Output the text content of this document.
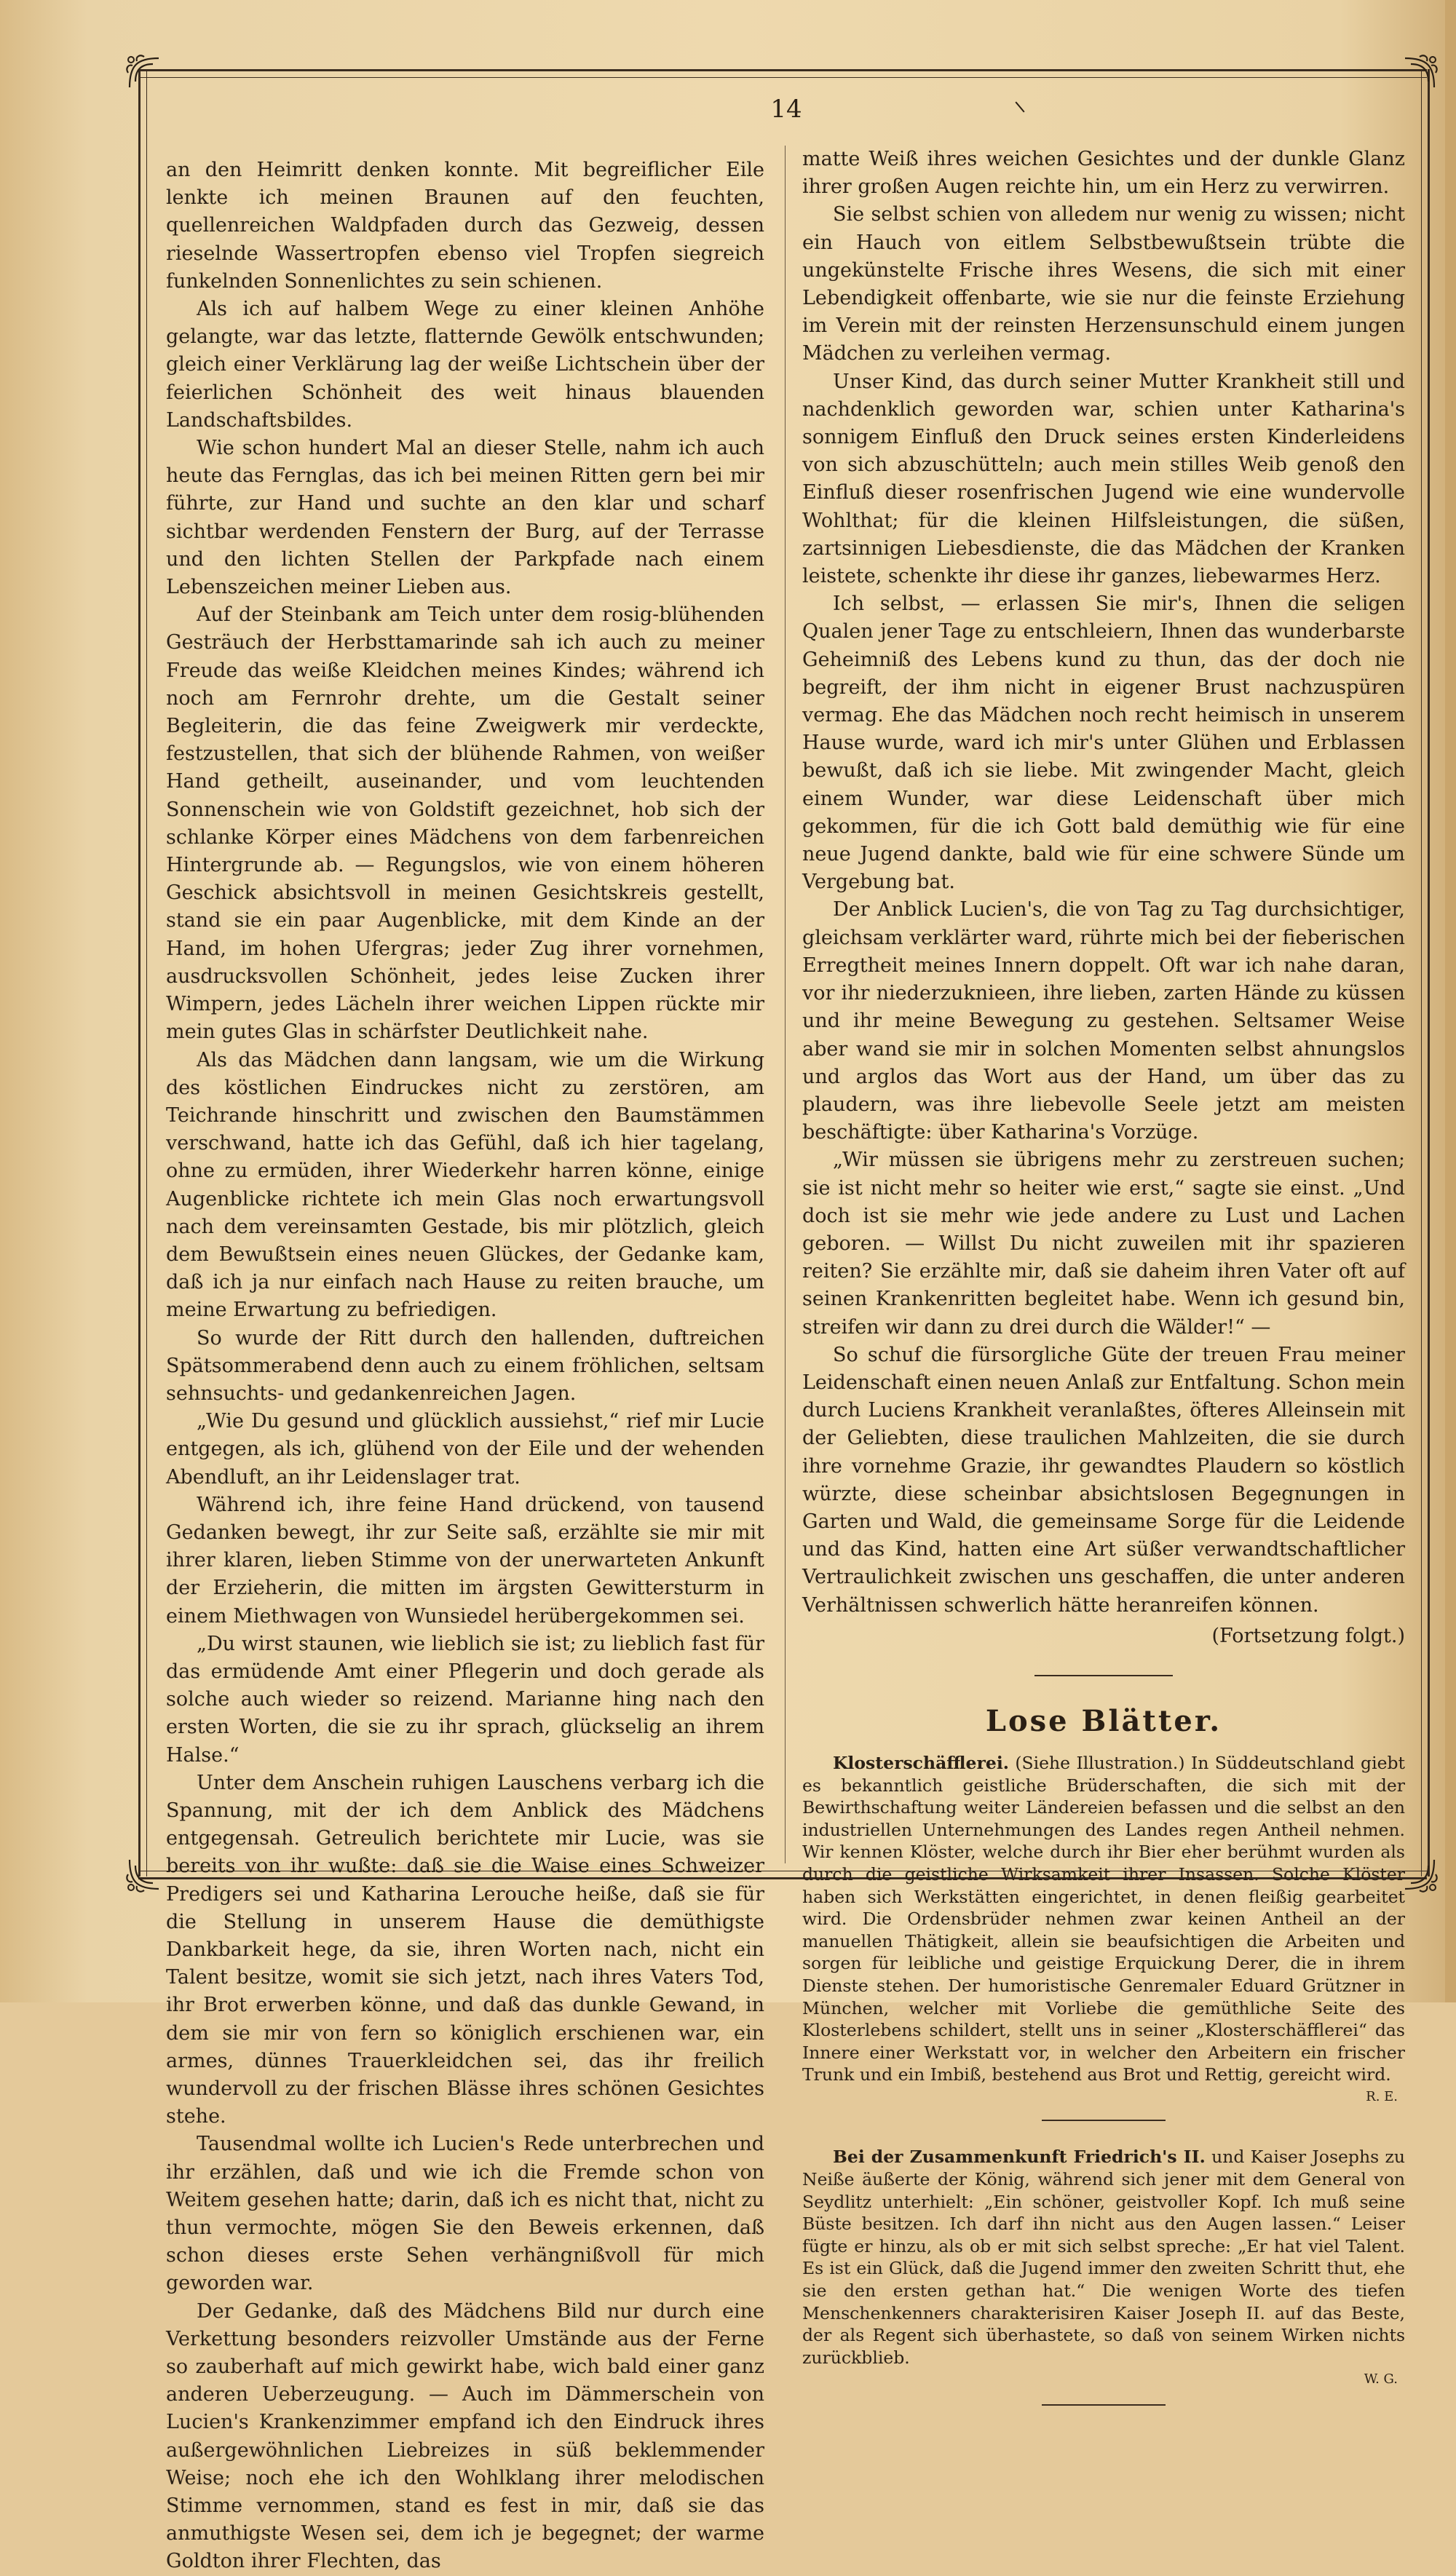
14

an den Heimritt denken konnte. Mit begreiflicher Eile lenkte ich meinen Braunen auf den feuchten, quellenreichen Waldpfaden durch das Gezweig, dessen rieselnde Wassertropfen ebenso viel Tropfen siegreich funkelnden Sonnenlichtes zu sein schienen.

Als ich auf halbem Wege zu einer kleinen Anhöhe gelangte, war das letzte, flatternde Gewölk entschwunden; gleich einer Verklärung lag der weiße Lichtschein über der feierlichen Schönheit des weit hinaus blauenden Landschaftsbildes.

Wie schon hundert Mal an dieser Stelle, nahm ich auch heute das Fernglas, das ich bei meinen Ritten gern bei mir führte, zur Hand und suchte an den klar und scharf sichtbar werdenden Fenstern der Burg, auf der Terrasse und den lichten Stellen der Parkpfade nach einem Lebenszeichen meiner Lieben aus.

Auf der Steinbank am Teich unter dem rosig-blühenden Gesträuch der Herbsttamarinde sah ich auch zu meiner Freude das weiße Kleidchen meines Kindes; während ich noch am Fernrohr drehte, um die Gestalt seiner Begleiterin, die das feine Zweigwerk mir verdeckte, festzustellen, that sich der blühende Rahmen, von weißer Hand getheilt, auseinander, und vom leuchtenden Sonnenschein wie von Goldstift gezeichnet, hob sich der schlanke Körper eines Mädchens von dem farbenreichen Hintergrunde ab. — Regungslos, wie von einem höheren Geschick absichtsvoll in meinen Gesichtskreis gestellt, stand sie ein paar Augenblicke, mit dem Kinde an der Hand, im hohen Ufergras; jeder Zug ihrer vornehmen, ausdrucksvollen Schönheit, jedes leise Zucken ihrer Wimpern, jedes Lächeln ihrer weichen Lippen rückte mir mein gutes Glas in schärfster Deutlichkeit nahe.

Als das Mädchen dann langsam, wie um die Wirkung des köstlichen Eindruckes nicht zu zerstören, am Teichrande hinschritt und zwischen den Baumstämmen verschwand, hatte ich das Gefühl, daß ich hier tagelang, ohne zu ermüden, ihrer Wiederkehr harren könne, einige Augenblicke richtete ich mein Glas noch erwartungsvoll nach dem vereinsamten Gestade, bis mir plötzlich, gleich dem Bewußtsein eines neuen Glückes, der Gedanke kam, daß ich ja nur einfach nach Hause zu reiten brauche, um meine Erwartung zu befriedigen.

So wurde der Ritt durch den hallenden, duftreichen Spätsommerabend denn auch zu einem fröhlichen, seltsam sehnsuchts- und gedankenreichen Jagen.

„Wie Du gesund und glücklich aussiehst,“ rief mir Lucie entgegen, als ich, glühend von der Eile und der wehenden Abendluft, an ihr Leidenslager trat.

Während ich, ihre feine Hand drückend, von tausend Gedanken bewegt, ihr zur Seite saß, erzählte sie mir mit ihrer klaren, lieben Stimme von der unerwarteten Ankunft der Erzieherin, die mitten im ärgsten Gewittersturm in einem Miethwagen von Wunsiedel herübergekommen sei.

„Du wirst staunen, wie lieblich sie ist; zu lieblich fast für das ermüdende Amt einer Pflegerin und doch gerade als solche auch wieder so reizend. Marianne hing nach den ersten Worten, die sie zu ihr sprach, glückselig an ihrem Halse.“

Unter dem Anschein ruhigen Lauschens verbarg ich die Spannung, mit der ich dem Anblick des Mädchens entgegensah. Getreulich berichtete mir Lucie, was sie bereits von ihr wußte: daß sie die Waise eines Schweizer Predigers sei und Katharina Lerouche heiße, daß sie für die Stellung in unserem Hause die demüthigste Dankbarkeit hege, da sie, ihren Worten nach, nicht ein Talent besitze, womit sie sich jetzt, nach ihres Vaters Tod, ihr Brot erwerben könne, und daß das dunkle Gewand, in dem sie mir von fern so königlich erschienen war, ein armes, dünnes Trauerkleidchen sei, das ihr freilich wundervoll zu der frischen Blässe ihres schönen Gesichtes stehe.

Tausendmal wollte ich Lucien's Rede unterbrechen und ihr erzählen, daß und wie ich die Fremde schon von Weitem gesehen hatte; darin, daß ich es nicht that, nicht zu thun vermochte, mögen Sie den Beweis erkennen, daß schon dieses erste Sehen verhängnißvoll für mich geworden war.

Der Gedanke, daß des Mädchens Bild nur durch eine Verkettung besonders reizvoller Umstände aus der Ferne so zauberhaft auf mich gewirkt habe, wich bald einer ganz anderen Ueberzeugung. — Auch im Dämmerschein von Lucien's Krankenzimmer empfand ich den Eindruck ihres außergewöhnlichen Liebreizes in süß beklemmender Weise; noch ehe ich den Wohlklang ihrer melodischen Stimme vernommen, stand es fest in mir, daß sie das anmuthigste Wesen sei, dem ich je begegnet; der warme Goldton ihrer Flechten, das

matte Weiß ihres weichen Gesichtes und der dunkle Glanz ihrer großen Augen reichte hin, um ein Herz zu verwirren.

Sie selbst schien von alledem nur wenig zu wissen; nicht ein Hauch von eitlem Selbstbewußtsein trübte die ungekünstelte Frische ihres Wesens, die sich mit einer Lebendigkeit offenbarte, wie sie nur die feinste Erziehung im Verein mit der reinsten Herzensunschuld einem jungen Mädchen zu verleihen vermag.

Unser Kind, das durch seiner Mutter Krankheit still und nachdenklich geworden war, schien unter Katharina's sonnigem Einfluß den Druck seines ersten Kinderleidens von sich abzuschütteln; auch mein stilles Weib genoß den Einfluß dieser rosenfrischen Jugend wie eine wundervolle Wohlthat; für die kleinen Hilfsleistungen, die süßen, zartsinnigen Liebesdienste, die das Mädchen der Kranken leistete, schenkte ihr diese ihr ganzes, liebewarmes Herz.

Ich selbst, — erlassen Sie mir's, Ihnen die seligen Qualen jener Tage zu entschleiern, Ihnen das wunderbarste Geheimniß des Lebens kund zu thun, das der doch nie begreift, der ihm nicht in eigener Brust nachzuspüren vermag. Ehe das Mädchen noch recht heimisch in unserem Hause wurde, ward ich mir's unter Glühen und Erblassen bewußt, daß ich sie liebe. Mit zwingender Macht, gleich einem Wunder, war diese Leidenschaft über mich gekommen, für die ich Gott bald demüthig wie für eine neue Jugend dankte, bald wie für eine schwere Sünde um Vergebung bat.

Der Anblick Lucien's, die von Tag zu Tag durchsichtiger, gleichsam verklärter ward, rührte mich bei der fieberischen Erregtheit meines Innern doppelt. Oft war ich nahe daran, vor ihr niederzuknieen, ihre lieben, zarten Hände zu küssen und ihr meine Bewegung zu gestehen. Seltsamer Weise aber wand sie mir in solchen Momenten selbst ahnungslos und arglos das Wort aus der Hand, um über das zu plaudern, was ihre liebevolle Seele jetzt am meisten beschäftigte: über Katharina's Vorzüge.

„Wir müssen sie übrigens mehr zu zerstreuen suchen; sie ist nicht mehr so heiter wie erst,“ sagte sie einst. „Und doch ist sie mehr wie jede andere zu Lust und Lachen geboren. — Willst Du nicht zuweilen mit ihr spazieren reiten? Sie erzählte mir, daß sie daheim ihren Vater oft auf seinen Krankenritten begleitet habe. Wenn ich gesund bin, streifen wir dann zu drei durch die Wälder!“ —

So schuf die fürsorgliche Güte der treuen Frau meiner Leidenschaft einen neuen Anlaß zur Entfaltung. Schon mein durch Luciens Krankheit veranlaßtes, öfteres Alleinsein mit der Geliebten, diese traulichen Mahlzeiten, die sie durch ihre vornehme Grazie, ihr gewandtes Plaudern so köstlich würzte, diese scheinbar absichtslosen Begegnungen in Garten und Wald, die gemeinsame Sorge für die Leidende und das Kind, hatten eine Art süßer verwandtschaftlicher Vertraulichkeit zwischen uns geschaffen, die unter anderen Verhältnissen schwerlich hätte heranreifen können.

(Fortsetzung folgt.)

Lose Blätter.

Klosterschäfflerei. (Siehe Illustration.) In Süddeutschland giebt es bekanntlich geistliche Brüderschaften, die sich mit der Bewirthschaftung weiter Ländereien befassen und die selbst an den industriellen Unternehmungen des Landes regen Antheil nehmen. Wir kennen Klöster, welche durch ihr Bier eher berühmt wurden als durch die geistliche Wirksamkeit ihrer Insassen. Solche Klöster haben sich Werkstätten eingerichtet, in denen fleißig gearbeitet wird. Die Ordensbrüder nehmen zwar keinen Antheil an der manuellen Thätigkeit, allein sie beaufsichtigen die Arbeiten und sorgen für leibliche und geistige Erquickung Derer, die in ihrem Dienste stehen. Der humoristische Genremaler Eduard Grützner in München, welcher mit Vorliebe die gemüthliche Seite des Klosterlebens schildert, stellt uns in seiner „Klosterschäfflerei“ das Innere einer Werkstatt vor, in welcher den Arbeitern ein frischer Trunk und ein Imbiß, bestehend aus Brot und Rettig, gereicht wird.

R. E.

Bei der Zusammenkunft Friedrich's II. und Kaiser Josephs zu Neiße äußerte der König, während sich jener mit dem General von Seydlitz unterhielt: „Ein schöner, geistvoller Kopf. Ich muß seine Büste besitzen. Ich darf ihn nicht aus den Augen lassen.“ Leiser fügte er hinzu, als ob er mit sich selbst spreche: „Er hat viel Talent. Es ist ein Glück, daß die Jugend immer den zweiten Schritt thut, ehe sie den ersten gethan hat.“ Die wenigen Worte des tiefen Menschenkenners charakterisiren Kaiser Joseph II. auf das Beste, der als Regent sich überhastete, so daß von seinem Wirken nichts zurückblieb.

W. G.
